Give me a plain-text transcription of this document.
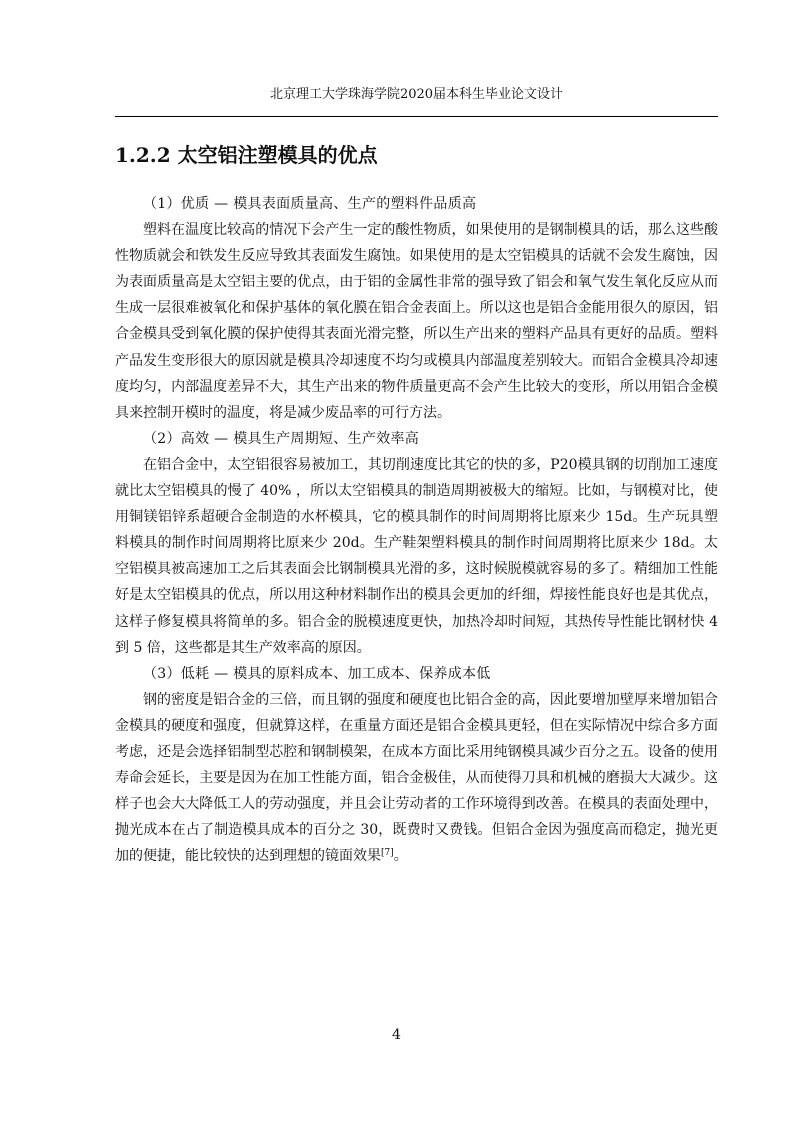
北京理工大学珠海学院2020届本科生毕业论文设计
1.2.2 太空铝注塑模具的优点

（1）优质 — 模具表面质量高、生产的塑料件品质高

塑料在温度比较高的情况下会产生一定的酸性物质，如果使用的是钢制模具的话，那么这些酸性物质就会和铁发生反应导致其表面发生腐蚀。如果使用的是太空铝模具的话就不会发生腐蚀，因为表面质量高是太空铝主要的优点，由于铝的金属性非常的强导致了铝会和氧气发生氧化反应从而生成一层很难被氧化和保护基体的氧化膜在铝合金表面上。所以这也是铝合金能用很久的原因，铝合金模具受到氧化膜的保护使得其表面光滑完整，所以生产出来的塑料产品具有更好的品质。塑料产品发生变形很大的原因就是模具冷却速度不均匀或模具内部温度差别较大。而铝合金模具冷却速度均匀，内部温度差异不大，其生产出来的物件质量更高不会产生比较大的变形，所以用铝合金模具来控制开模时的温度，将是减少废品率的可行方法。

（2）高效 — 模具生产周期短、生产效率高

在铝合金中，太空铝很容易被加工，其切削速度比其它的快的多，P20模具钢的切削加工速度就比太空铝模具的慢了 40% ，所以太空铝模具的制造周期被极大的缩短。比如，与钢模对比，使用铜镁铝锌系超硬合金制造的水杯模具，它的模具制作的时间周期将比原来少 15d。生产玩具塑料模具的制作时间周期将比原来少 20d。生产鞋架塑料模具的制作时间周期将比原来少 18d。太空铝模具被高速加工之后其表面会比钢制模具光滑的多，这时候脱模就容易的多了。精细加工性能好是太空铝模具的优点，所以用这种材料制作出的模具会更加的纤细，焊接性能良好也是其优点，这样子修复模具将简单的多。铝合金的脱模速度更快，加热冷却时间短，其热传导性能比钢材快 4 到 5 倍，这些都是其生产效率高的原因。

（3）低耗 — 模具的原料成本、加工成本、保养成本低

钢的密度是铝合金的三倍，而且钢的强度和硬度也比铝合金的高，因此要增加壁厚来增加铝合金模具的硬度和强度，但就算这样，在重量方面还是铝合金模具更轻，但在实际情况中综合多方面考虑，还是会选择铝制型芯腔和钢制模架，在成本方面比采用纯钢模具减少百分之五。设备的使用寿命会延长，主要是因为在加工性能方面，铝合金极佳，从而使得刀具和机械的磨损大大减少。这样子也会大大降低工人的劳动强度，并且会让劳动者的工作环境得到改善。在模具的表面处理中，抛光成本在占了制造模具成本的百分之 30，既费时又费钱。但铝合金因为强度高而稳定，抛光更加的便捷，能比较快的达到理想的镜面效果[7]。

4
